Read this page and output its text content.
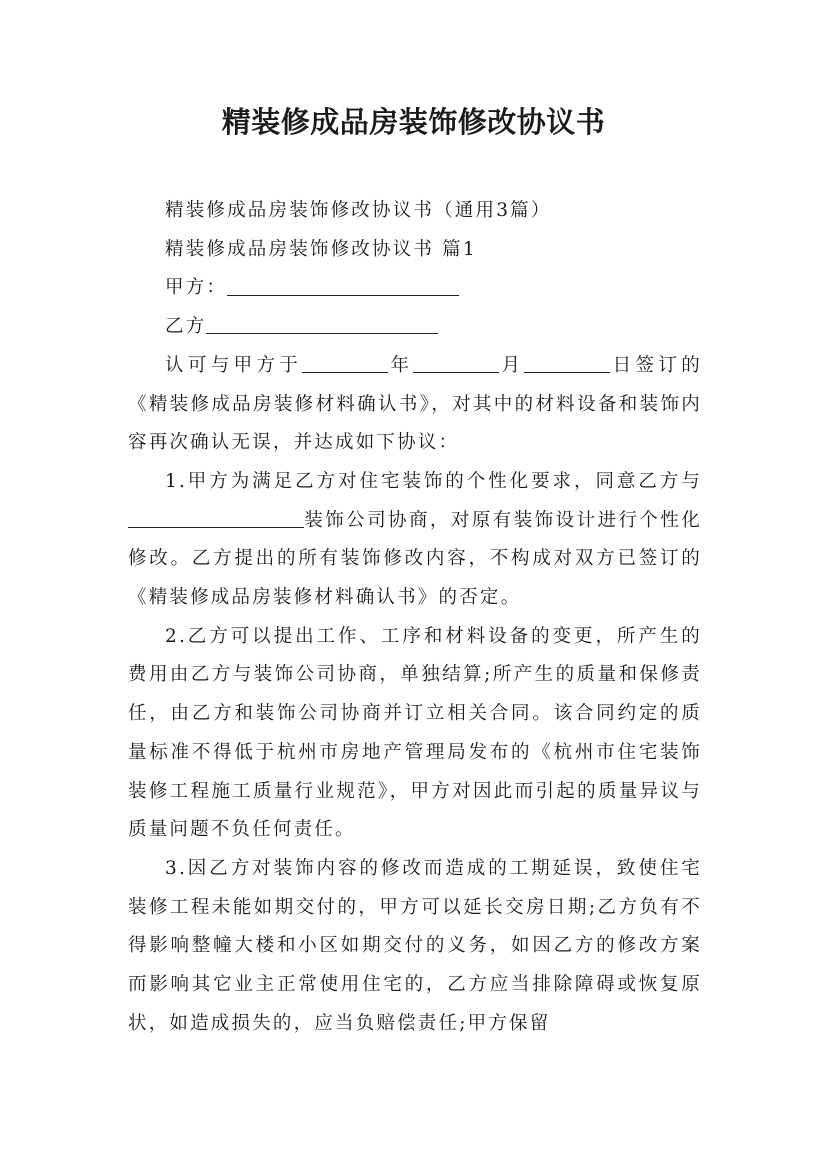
精装修成品房装饰修改协议书

精装修成品房装饰修改协议书（通用3篇）

精装修成品房装饰修改协议书 篇1

甲方：

乙方

认可与甲方于	年	月	日签订的《精装修成品房装修材料确认书》，对其中的材料设备和装饰内容再次确认无误，并达成如下协议：

1.甲方为满足乙方对住宅装饰的个性化要求，同意乙方与装饰公司协商，对原有装饰设计进行个性化修改。乙方提出的所有装饰修改内容，不构成对双方已签订的《精装修成品房装修材料确认书》的否定。

2.乙方可以提出工作、工序和材料设备的变更，所产生的费用由乙方与装饰公司协商，单独结算;所产生的质量和保修责任，由乙方和装饰公司协商并订立相关合同。该合同约定的质量标准不得低于杭州市房地产管理局发布的《杭州市住宅装饰装修工程施工质量行业规范》，甲方对因此而引起的质量异议与质量问题不负任何责任。

3.因乙方对装饰内容的修改而造成的工期延误，致使住宅装修工程未能如期交付的，甲方可以延长交房日期;乙方负有不得影响整幢大楼和小区如期交付的义务，如因乙方的修改方案而影响其它业主正常使用住宅的，乙方应当排除障碍或恢复原状，如造成损失的，应当负赔偿责任;甲方保留
